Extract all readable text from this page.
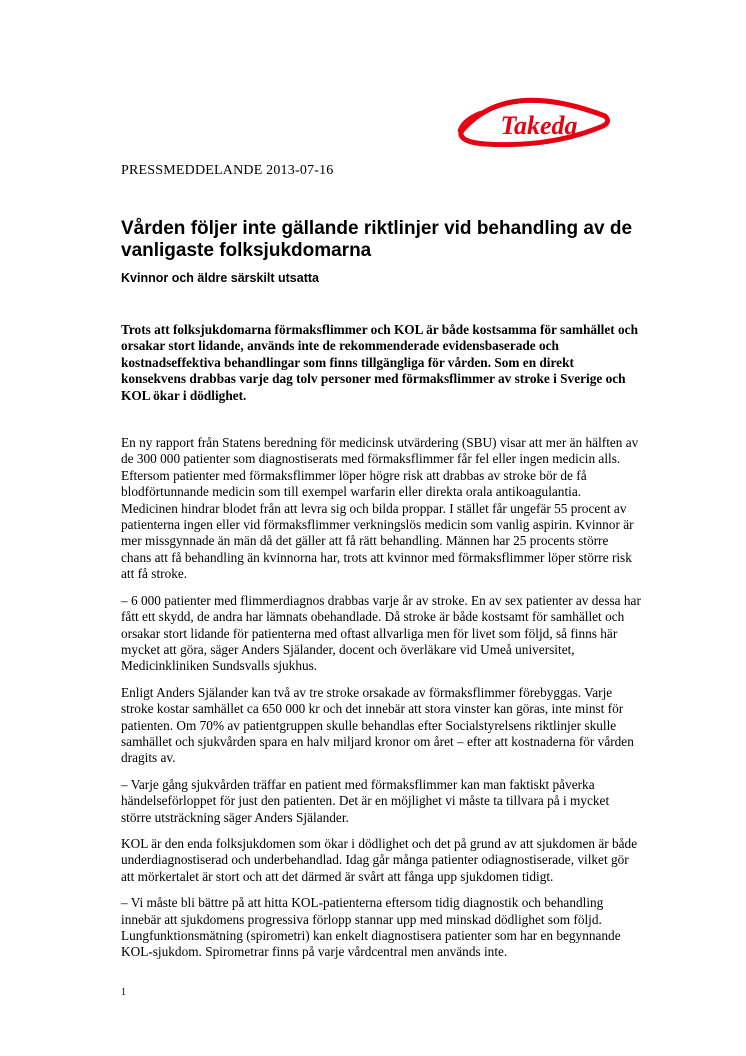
Takeda
PRESSMEDDELANDE 2013-07-16
Vården följer inte gällande riktlinjer vid behandling av de vanligaste folksjukdomarna
Kvinnor och äldre särskilt utsatta

Trots att folksjukdomarna förmaksflimmer och KOL är både kostsamma för samhället och orsakar stort lidande, används inte de rekommenderade evidensbaserade och kostnadseffektiva behandlingar som finns tillgängliga för vården. Som en direkt konsekvens drabbas varje dag tolv personer med förmaksflimmer av stroke i Sverige och KOL ökar i dödlighet.

En ny rapport från Statens beredning för medicinsk utvärdering (SBU) visar att mer än hälften av de 300 000 patienter som diagnostiserats med förmaksflimmer får fel eller ingen medicin alls. Eftersom patienter med förmaksflimmer löper högre risk att drabbas av stroke bör de få blodförtunnande medicin som till exempel warfarin eller direkta orala antikoagulantia. Medicinen hindrar blodet från att levra sig och bilda proppar. I stället får ungefär 55 procent av patienterna ingen eller vid förmaksflimmer verkningslös medicin som vanlig aspirin. Kvinnor är mer missgynnade än män då det gäller att få rätt behandling. Männen har 25 procents större chans att få behandling än kvinnorna har, trots att kvinnor med förmaksflimmer löper större risk att få stroke.

– 6 000 patienter med flimmerdiagnos drabbas varje år av stroke. En av sex patienter av dessa har fått ett skydd, de andra har lämnats obehandlade. Då stroke är både kostsamt för samhället och orsakar stort lidande för patienterna med oftast allvarliga men för livet som följd, så finns här mycket att göra, säger Anders Själander, docent och överläkare vid Umeå universitet, Medicinkliniken Sundsvalls sjukhus.

Enligt Anders Själander kan två av tre stroke orsakade av förmaksflimmer förebyggas. Varje stroke kostar samhället ca 650 000 kr och det innebär att stora vinster kan göras, inte minst för patienten. Om 70% av patientgruppen skulle behandlas efter Socialstyrelsens riktlinjer skulle samhället och sjukvården spara en halv miljard kronor om året – efter att kostnaderna för vården dragits av.

– Varje gång sjukvården träffar en patient med förmaksflimmer kan man faktiskt påverka händelseförloppet för just den patienten. Det är en möjlighet vi måste ta tillvara på i mycket större utsträckning säger Anders Själander.

KOL är den enda folksjukdomen som ökar i dödlighet och det på grund av att sjukdomen är både underdiagnostiserad och underbehandlad. Idag går många patienter odiagnostiserade, vilket gör att mörkertalet är stort och att det därmed är svårt att fånga upp sjukdomen tidigt.

– Vi måste bli bättre på att hitta KOL-patienterna eftersom tidig diagnostik och behandling innebär att sjukdomens progressiva förlopp stannar upp med minskad dödlighet som följd. Lungfunktionsmätning (spirometri) kan enkelt diagnostisera patienter som har en begynnande KOL-sjukdom. Spirometrar finns på varje vårdcentral men används inte.

1
